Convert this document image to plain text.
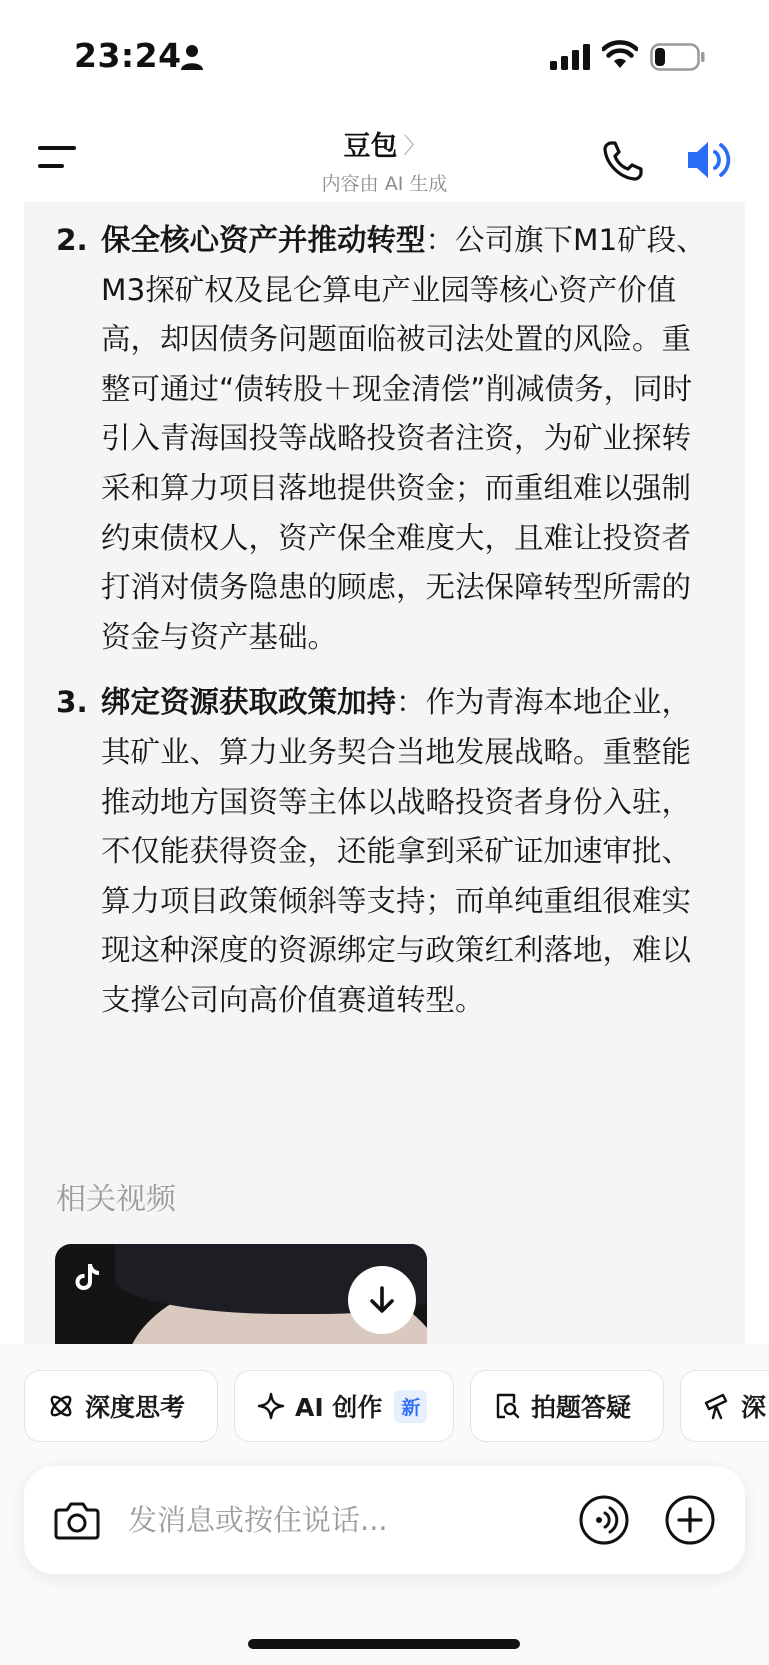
23:24
豆包 〉
内容由 AI 生成
2. 保全核心资产并推动转型：公司旗下M1矿段、M3探矿权及昆仑算电产业园等核心资产价值高，却因债务问题面临被司法处置的风险。重整可通过“债转股＋现金清偿”削减债务，同时引入青海国投等战略投资者注资，为矿业探转采和算力项目落地提供资金；而重组难以强制约束债权人，资产保全难度大，且难让投资者打消对债务隐患的顾虑，无法保障转型所需的资金与资产基础。
3. 绑定资源获取政策加持：作为青海本地企业，其矿业、算力业务契合当地发展战略。重整能推动地方国资等主体以战略投资者身份入驻，不仅能获得资金，还能拿到采矿证加速审批、算力项目政策倾斜等支持；而单纯重组很难实现这种深度的资源绑定与政策红利落地，难以支撑公司向高价值赛道转型。
相关视频
深度思考	AI 创作	新	拍题答疑	深
发消息或按住说话...
